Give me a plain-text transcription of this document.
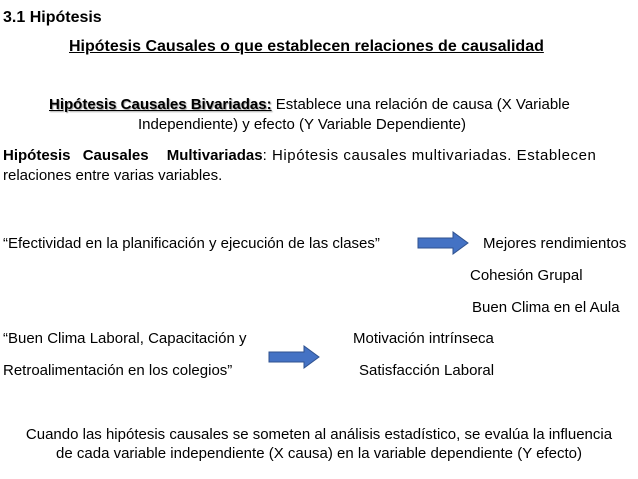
3.1 Hipótesis
Hipótesis Causales o que establecen relaciones de causalidad
Hipótesis Causales Bivariadas: Establece una relación de causa (X Variable
Independiente) y efecto (Y Variable Dependiente)
Hipótesis Causales Multivariadas: Hipótesis causales multivariadas. Establecen
relaciones entre varias variables.
“Efectividad en la planificación y ejecución de las clases”	Mejores rendimientos
Cohesión Grupal
Buen Clima en el Aula
“Buen Clima Laboral, Capacitación y
Retroalimentación en los colegios”
Motivación intrínseca
Satisfacción Laboral
Cuando las hipótesis causales se someten al análisis estadístico, se evalúa la influencia
de cada variable independiente (X causa) en la variable dependiente (Y efecto)
